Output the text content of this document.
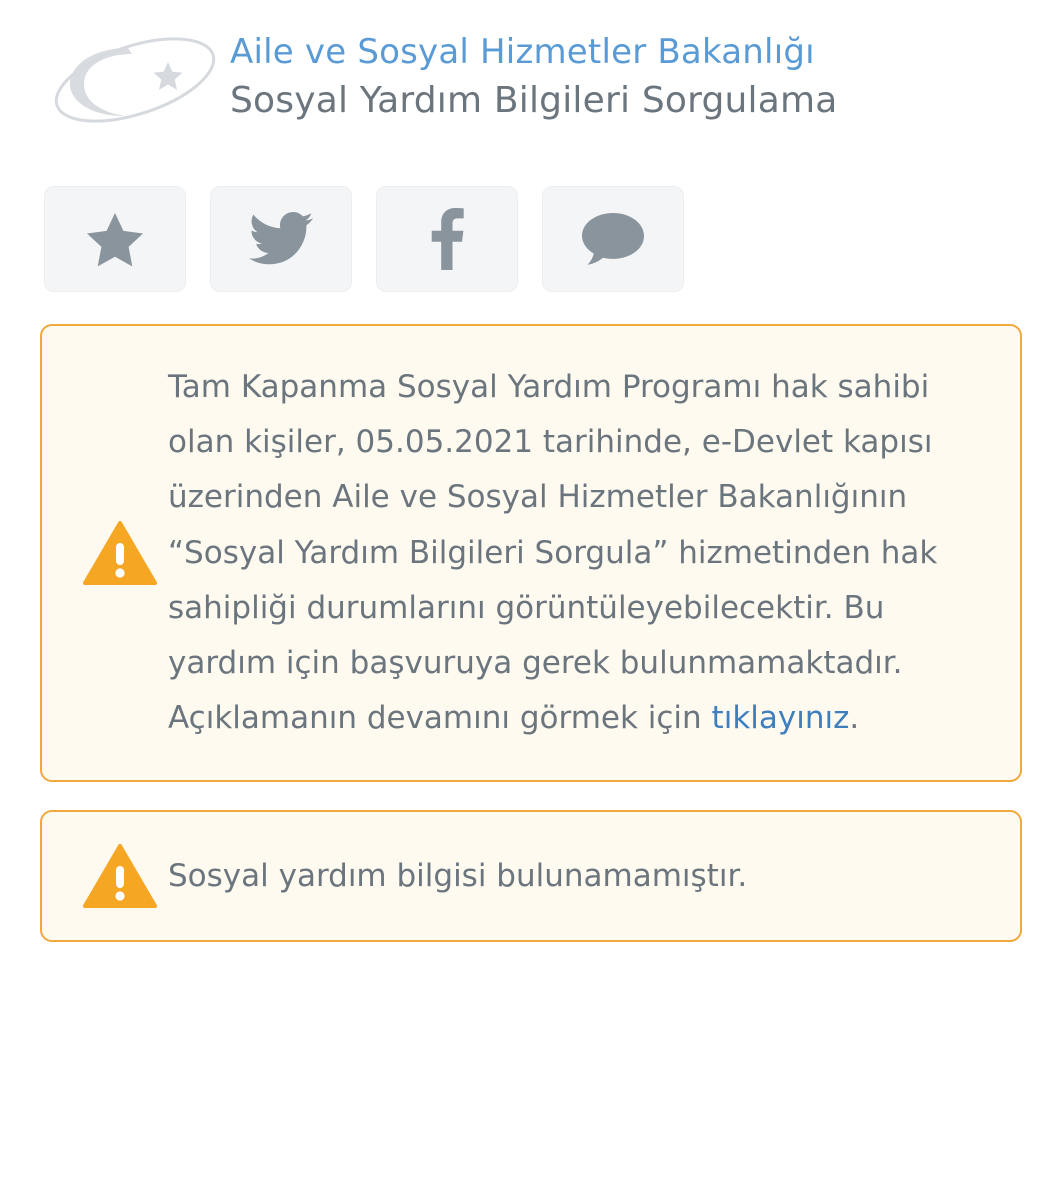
Aile ve Sosyal Hizmetler Bakanlığı
Sosyal Yardım Bilgileri Sorgulama
Tam Kapanma Sosyal Yardım Programı hak sahibi olan kişiler, 05.05.2021 tarihinde, e-Devlet kapısı üzerinden Aile ve Sosyal Hizmetler Bakanlığının “Sosyal Yardım Bilgileri Sorgula” hizmetinden hak sahipliği durumlarını görüntüleyebilecektir. Bu yardım için başvuruya gerek bulunmamaktadır. Açıklamanın devamını görmek için tıklayınız.
Sosyal yardım bilgisi bulunamamıştır.
